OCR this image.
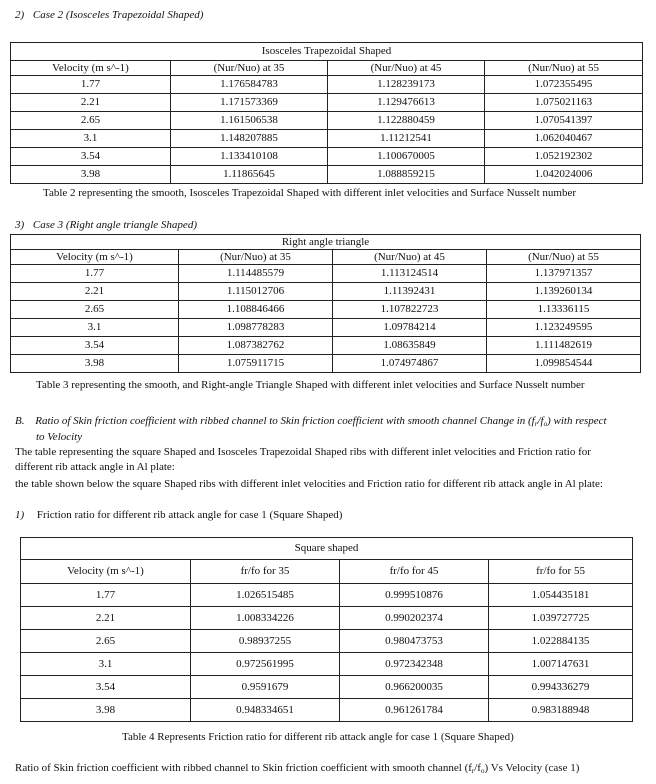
2) Case 2 (Isosceles Trapezoidal Shaped)
Isosceles Trapezoidal Shaped			
Velocity (m s^-1)	(Nur/Nuo) at 35	(Nur/Nuo) at 45	(Nur/Nuo) at 55
1.77	1.176584783	1.128239173	1.072355495
2.21	1.171573369	1.129476613	1.075021163
2.65	1.161506538	1.122880459	1.070541397
3.1	1.148207885	1.11212541	1.062040467
3.54	1.133410108	1.100670005	1.052192302
3.98	1.11865645	1.088859215	1.042024006
Table 2 representing the smooth, Isosceles Trapezoidal Shaped with different inlet velocities and Surface Nusselt number
3) Case 3 (Right angle triangle Shaped)
Right angle triangle			
Velocity (m s^-1)	(Nur/Nuo) at 35	(Nur/Nuo) at 45	(Nur/Nuo) at 55
1.77	1.114485579	1.113124514	1.137971357
2.21	1.115012706	1.11392431	1.139260134
2.65	1.108846466	1.107822723	1.13336115
3.1	1.098778283	1.09784214	1.123249595
3.54	1.087382762	1.08635849	1.111482619
3.98	1.075911715	1.074974867	1.099854544
Table 3 representing the smooth, and Right-angle Triangle Shaped with different inlet velocities and Surface Nusselt number
B. Ratio of Skin friction coefficient with ribbed channel to Skin friction coefficient with smooth channel Change in $(f_r/f_o)$ with respect
to Velocity
The table representing the square Shaped and Isosceles Trapezoidal Shaped ribs with different inlet velocities and Friction ratio for
different rib attack angle in Al plate:
the table shown below the square Shaped ribs with different inlet velocities and Friction ratio for different rib attack angle in Al plate:
1) Friction ratio for different rib attack angle for case 1 (Square Shaped)
Square shaped			
Velocity (m s^-1)	fr/fo for 35	fr/fo for 45	fr/fo for 55
1.77	1.026515485	0.999510876	1.054435181
2.21	1.008334226	0.990202374	1.039727725
2.65	0.98937255	0.980473753	1.022884135
3.1	0.972561995	0.972342348	1.007147631
3.54	0.9591679	0.966200035	0.994336279
3.98	0.948334651	0.961261784	0.983188948
Table 4 Represents Friction ratio for different rib attack angle for case 1 (Square Shaped)
Ratio of Skin friction coefficient with ribbed channel to Skin friction coefficient with smooth channel $(f_r/f_o)$ Vs Velocity (case 1)
